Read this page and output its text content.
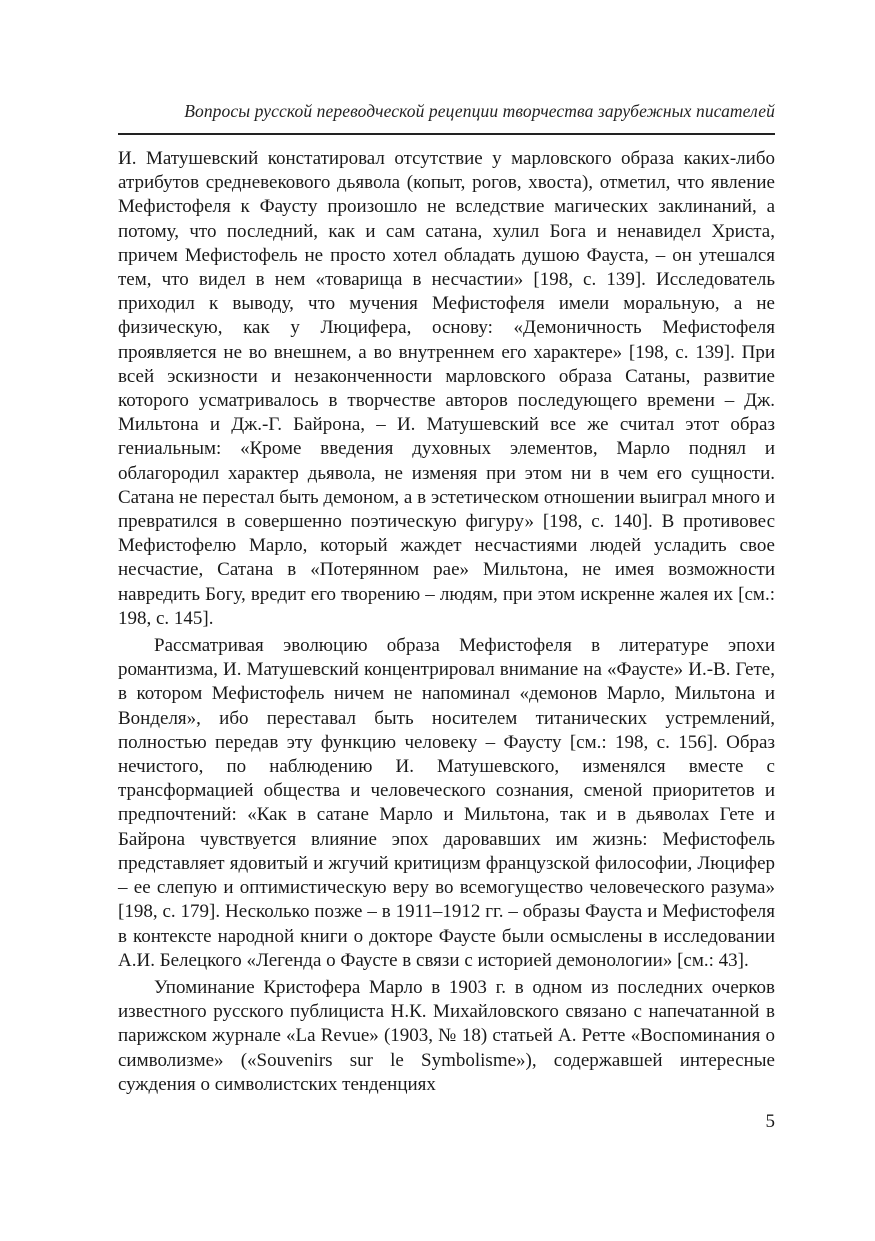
Вопросы русской переводческой рецепции творчества зарубежных писателей

И. Матушевский констатировал отсутствие у марловского образа каких-либо атрибутов средневекового дьявола (копыт, рогов, хвоста), отметил, что явление Мефистофеля к Фаусту произошло не вследствие магических заклинаний, а потому, что последний, как и сам сатана, хулил Бога и ненавидел Христа, причем Мефистофель не просто хотел обладать душою Фауста, – он утешался тем, что видел в нем «товарища в несчастии» [198, с. 139]. Исследователь приходил к выводу, что мучения Мефистофеля имели моральную, а не физическую, как у Люцифера, основу: «Демоничность Мефистофеля проявляется не во внешнем, а во внутреннем его характере» [198, с. 139]. При всей эскизности и незаконченности марловского образа Сатаны, развитие которого усматривалось в творчестве авторов последующего времени – Дж. Мильтона и Дж.-Г. Байрона, – И. Матушевский все же считал этот образ гениальным: «Кроме введения духовных элементов, Марло поднял и облагородил характер дьявола, не изменяя при этом ни в чем его сущности. Сатана не перестал быть демоном, а в эстетическом отношении выиграл много и превратился в совершенно поэтическую фигуру» [198, с. 140]. В противовес Мефистофелю Марло, который жаждет несчастиями людей усладить свое несчастие, Сатана в «Потерянном рае» Мильтона, не имея возможности навредить Богу, вредит его творению – людям, при этом искренне жалея их [см.: 198, с. 145].

Рассматривая эволюцию образа Мефистофеля в литературе эпохи романтизма, И. Матушевский концентрировал внимание на «Фаусте» И.-В. Гете, в котором Мефистофель ничем не напоминал «демонов Марло, Мильтона и Вонделя», ибо переставал быть носителем титанических устремлений, полностью передав эту функцию человеку – Фаусту [см.: 198, с. 156]. Образ нечистого, по наблюдению И. Матушевского, изменялся вместе с трансформацией общества и человеческого сознания, сменой приоритетов и предпочтений: «Как в сатане Марло и Мильтона, так и в дьяволах Гете и Байрона чувствуется влияние эпох даровавших им жизнь: Мефистофель представляет ядовитый и жгучий критицизм французской философии, Люцифер – ее слепую и оптимистическую веру во всемогущество человеческого разума» [198, с. 179]. Несколько позже – в 1911–1912 гг. – образы Фауста и Мефистофеля в контексте народной книги о докторе Фаусте были осмыслены в исследовании А.И. Белецкого «Легенда о Фаусте в связи с историей демонологии» [см.: 43].

Упоминание Кристофера Марло в 1903 г. в одном из последних очерков известного русского публициста Н.К. Михайловского связано с напечатанной в парижском журнале «La Revue» (1903, № 18) статьей А. Ретте «Воспоминания о символизме» («Souvenirs sur le Symbolisme»), содержавшей интересные суждения о символистских тенденциях

5
